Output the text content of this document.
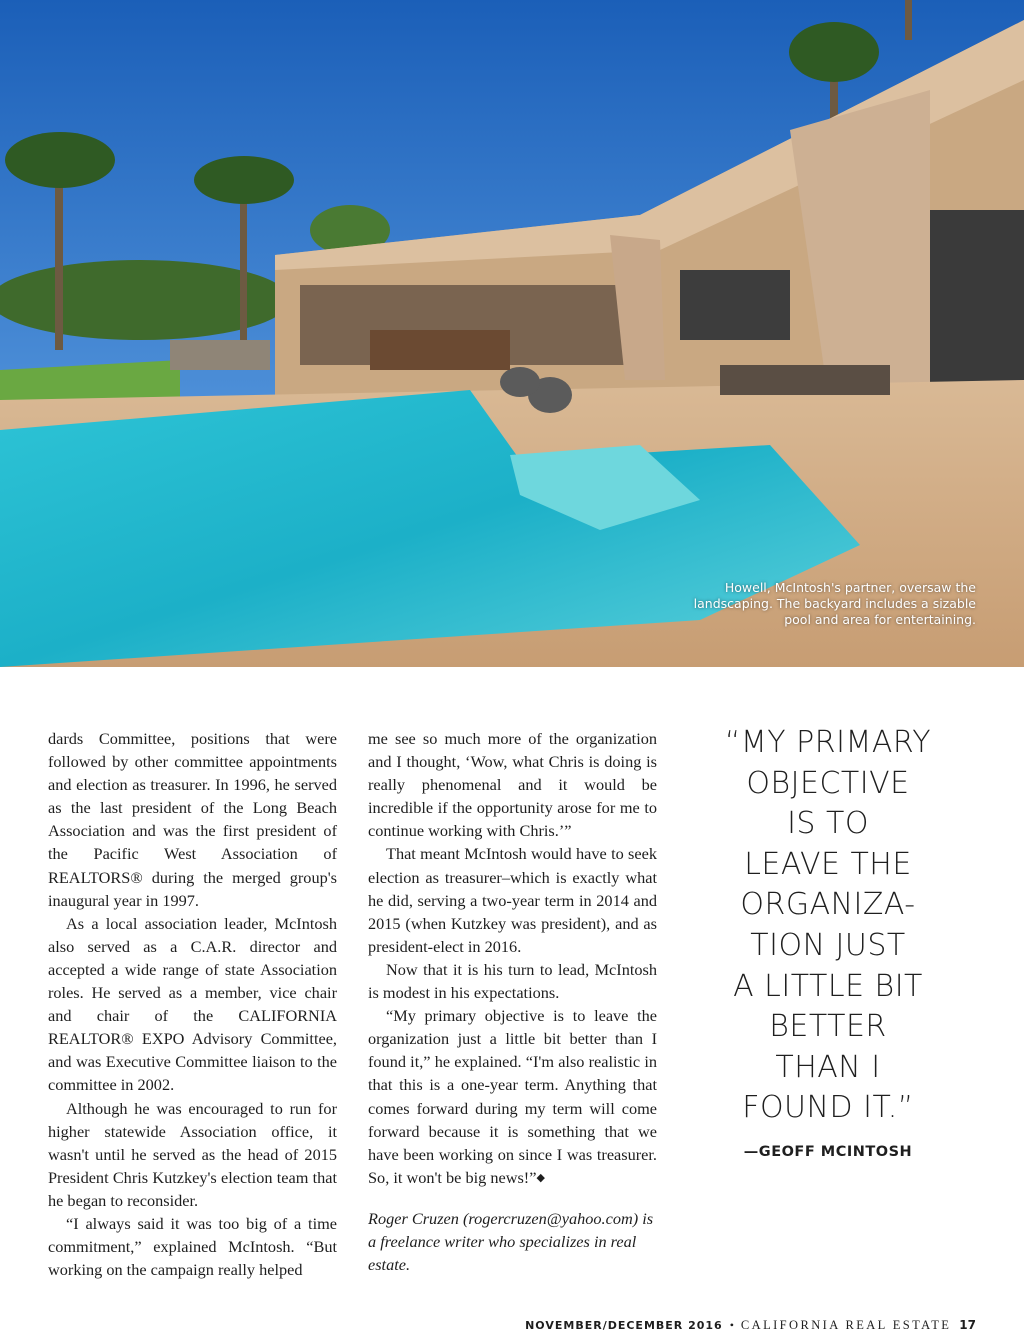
Howell, McIntosh's partner, oversaw the landscaping. The backyard includes a sizable pool and area for entertaining.

dards Committee, positions that were followed by other committee appointments and election as treasurer. In 1996, he served as the last president of the Long Beach Association and was the first president of the Pacific West Association of REALTORS® during the merged group's inaugural year in 1997.

As a local association leader, McIntosh also served as a C.A.R. director and accepted a wide range of state Association roles. He served as a member, vice chair and chair of the CALIFORNIA REALTOR® EXPO Advisory Committee, and was Executive Committee liaison to the committee in 2002.

Although he was encouraged to run for higher statewide Association office, it wasn't until he served as the head of 2015 President Chris Kutzkey's election team that he began to reconsider.

“I always said it was too big of a time commitment,” explained McIntosh. “But working on the campaign really helped

me see so much more of the organization and I thought, ‘Wow, what Chris is doing is really phenomenal and it would be incredible if the opportunity arose for me to continue working with Chris.’”

That meant McIntosh would have to seek election as treasurer–which is exactly what he did, serving a two-year term in 2014 and 2015 (when Kutzkey was president), and as president-elect in 2016.

Now that it is his turn to lead, McIntosh is modest in his expectations.

“My primary objective is to leave the organization just a little bit better than I found it,” he explained. “I'm also realistic in that this is a one-year term. Anything that comes forward during my term will come forward because it is something that we have been working on since I was treasurer. So, it won't be big news!”◆

Roger Cruzen (rogercruzen@yahoo.com) is a freelance writer who specializes in real estate.

“MY PRIMARY
OBJECTIVE
IS TO
LEAVE THE
ORGANIZA-
TION JUST
A LITTLE BIT
BETTER
THAN I
FOUND IT.”
—GEOFF MCINTOSH
NOVEMBER/DECEMBER 2016 • CALIFORNIA REAL ESTATE 17
